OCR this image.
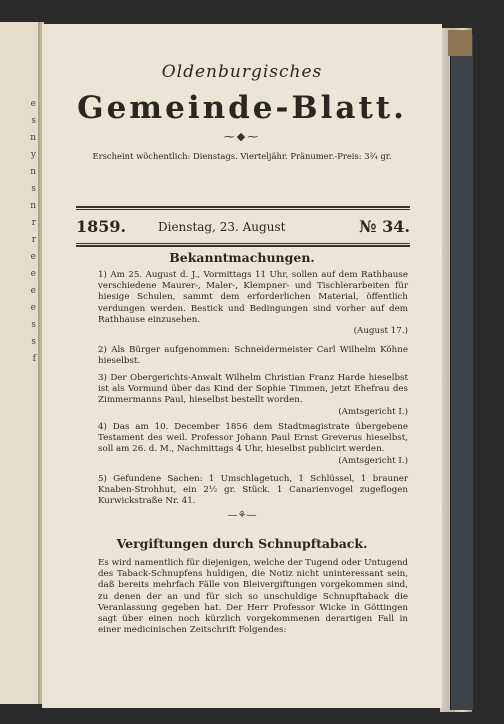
e
s
n
y
n
s
n
r
r
e
e
e
e
s
s
f
Oldenburgisches
Gemeinde-Blatt.
⁓◆⁓
Erscheint wöchentlich: Dienstags. Vierteljähr. Pränumer.-Preis: 3¾ gr.
1859.	Dienstag, 23. August	№ 34.
Bekanntmachungen.
1) Am 25. August d. J., Vormittags 11 Uhr, sollen auf dem Rathhause verschiedene Maurer-, Maler-, Klempner- und Tischlerarbeiten für hiesige Schulen, sammt dem erforderlichen Material, öffentlich verdungen werden. Bestick und Bedingungen sind vorher auf dem Rathhause einzusehen.
(August 17.)
2) Als Bürger aufgenommen: Schneidermeister Carl Wilhelm Köhne hieselbst.
3) Der Obergerichts-Anwalt Wilhelm Christian Franz Harde hieselbst ist als Vormund über das Kind der Sophie Timmen, jetzt Ehefrau des Zimmermanns Paul, hieselbst bestellt worden.
(Amtsgericht I.)
4) Das am 10. December 1856 dem Stadtmagistrate übergebene Testament des weil. Professor Johann Paul Ernst Greverus hieselbst, soll am 26. d. M., Nachmittags 4 Uhr, hieselbst publicirt werden.
(Amtsgericht I.)
5) Gefundene Sachen: 1 Umschlagetuch, 1 Schlüssel, 1 brauner Knaben-Strohhut, ein 2½ gr. Stück. 1 Canarienvogel zugeflogen Kurwickstraße Nr. 41.
—⚘—
Vergiftungen durch Schnupftaback.
Es wird namentlich für diejenigen, welche der Tugend oder Untugend des Taback-Schnupfens huldigen, die Notiz nicht uninteressant sein, daß bereits mehrfach Fälle von Bleivergiftungen vorgekommen sind, zu denen der an und für sich so unschuldige Schnupftaback die Veranlassung gegeben hat. Der Herr Professor Wicke in Göttingen sagt über einen noch kürzlich vorgekommenen derartigen Fall in einer medicinischen Zeitschrift Folgendes:
